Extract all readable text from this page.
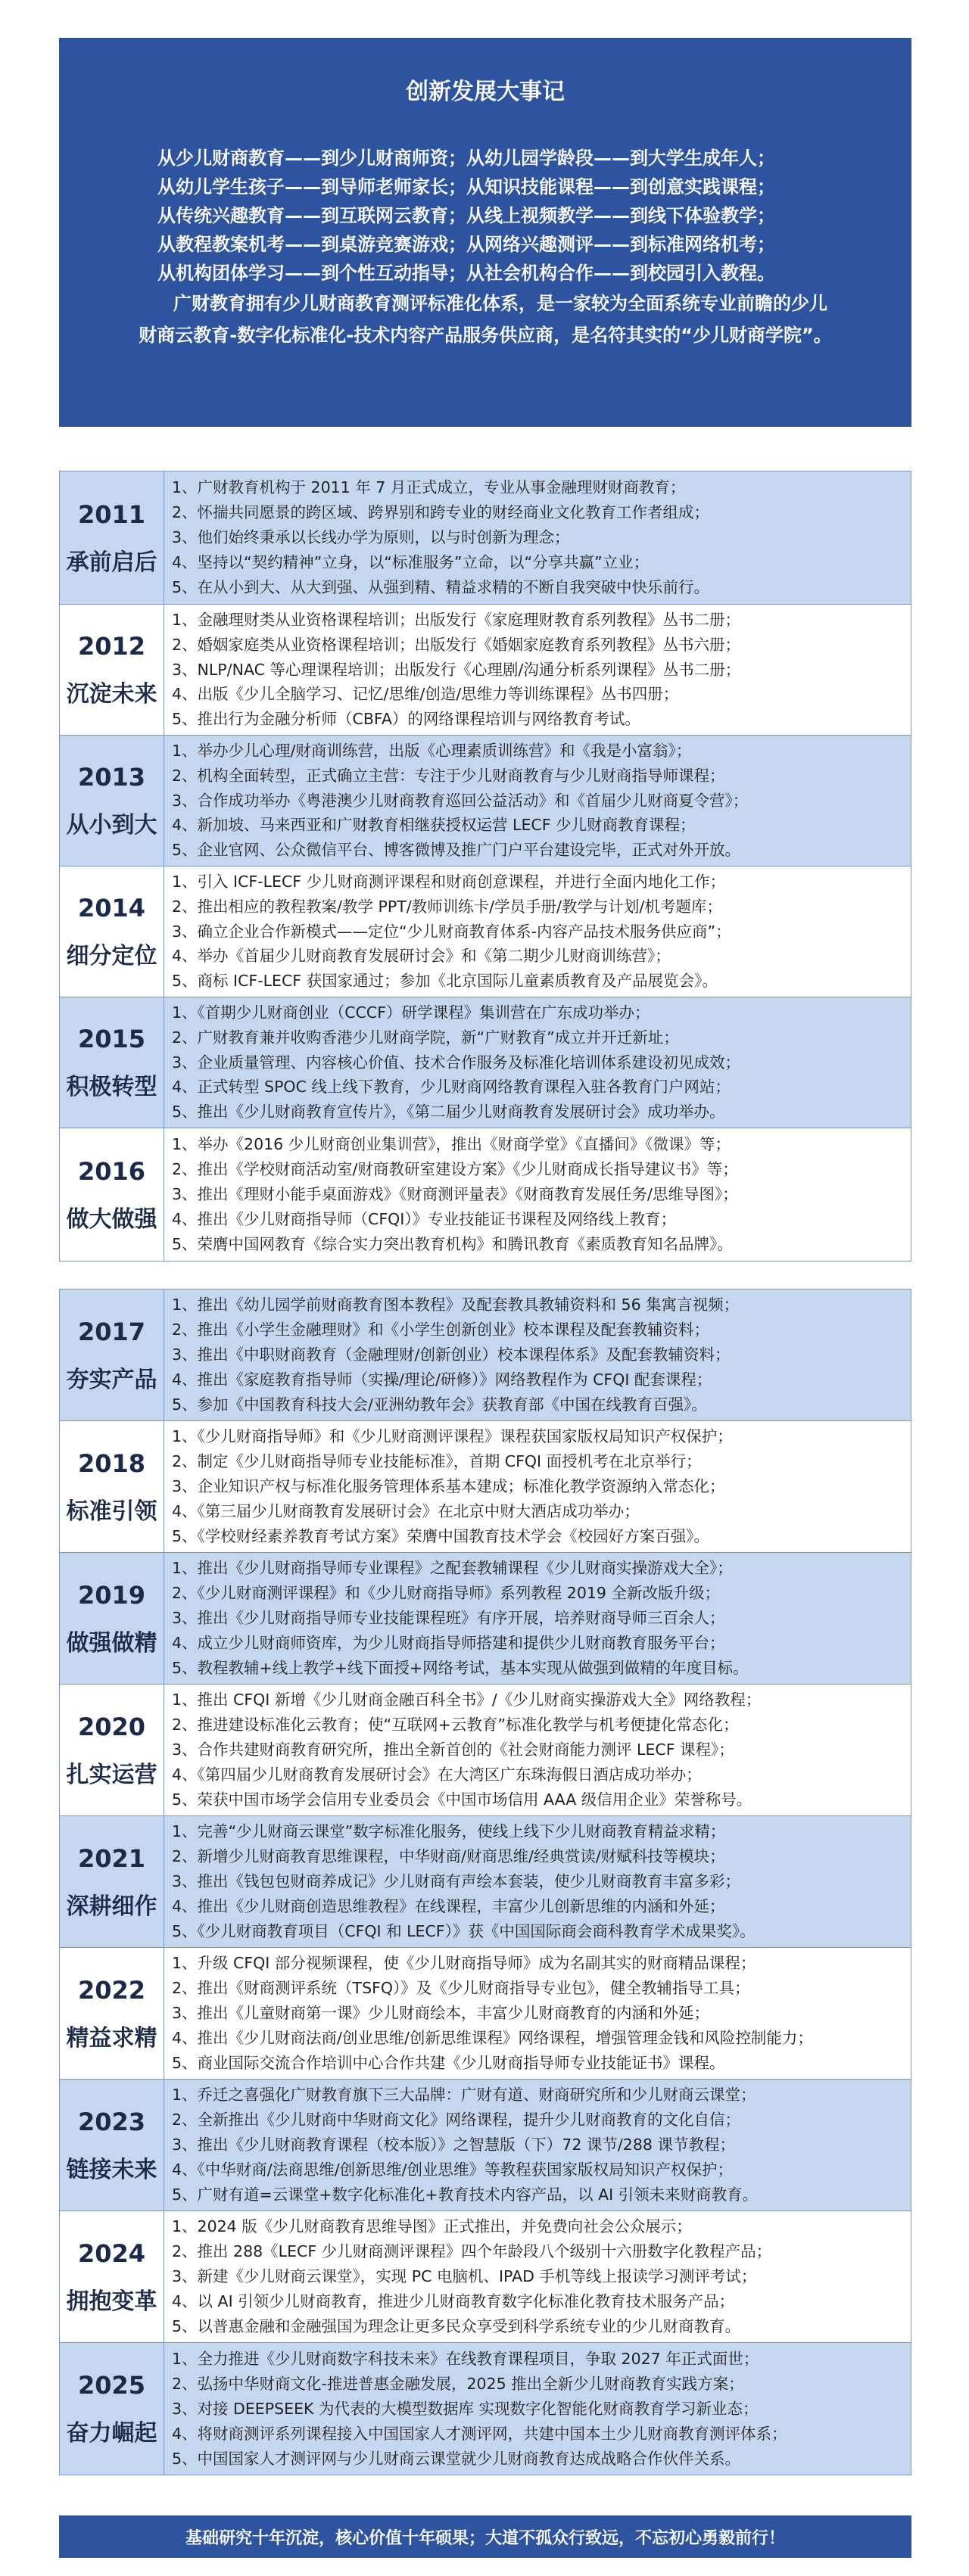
创新发展大事记
从少儿财商教育——到少儿财商师资；从幼儿园学龄段——到大学生成年人；
从幼儿学生孩子——到导师老师家长；从知识技能课程——到创意实践课程；
从传统兴趣教育——到互联网云教育；从线上视频教学——到线下体验教学；
从教程教案机考——到桌游竞赛游戏；从网络兴趣测评——到标准网络机考；
从机构团体学习——到个性互动指导；从社会机构合作——到校园引入教程。
广财教育拥有少儿财商教育测评标准化体系，是一家较为全面系统专业前瞻的少儿
财商云教育-数字化标准化-技术内容产品服务供应商，是名符其实的“少儿财商学院”。
2011
承前启后
1、广财教育机构于 2011 年 7 月正式成立，专业从事金融理财财商教育；
2、怀揣共同愿景的跨区域、跨界别和跨专业的财经商业文化教育工作者组成；
3、他们始终秉承以长线办学为原则，以与时创新为理念；
4、坚持以“契约精神”立身，以“标准服务”立命，以“分享共赢”立业；
5、在从小到大、从大到强、从强到精、精益求精的不断自我突破中快乐前行。
2012
沉淀未来
1、金融理财类从业资格课程培训；出版发行《家庭理财教育系列教程》丛书二册；
2、婚姻家庭类从业资格课程培训；出版发行《婚姻家庭教育系列教程》丛书六册；
3、NLP/NAC 等心理课程培训；出版发行《心理剧/沟通分析系列课程》丛书二册；
4、出版《少儿全脑学习、记忆/思维/创造/思维力等训练课程》丛书四册；
5、推出行为金融分析师（CBFA）的网络课程培训与网络教育考试。
2013
从小到大
1、举办少儿心理/财商训练营，出版《心理素质训练营》和《我是小富翁》；
2、机构全面转型，正式确立主营：专注于少儿财商教育与少儿财商指导师课程；
3、合作成功举办《粤港澳少儿财商教育巡回公益活动》和《首届少儿财商夏令营》；
4、新加坡、马来西亚和广财教育相继获授权运营 LECF 少儿财商教育课程；
5、企业官网、公众微信平台、博客微博及推广门户平台建设完毕，正式对外开放。
2014
细分定位
1、引入 ICF-LECF 少儿财商测评课程和财商创意课程，并进行全面内地化工作；
2、推出相应的教程教案/教学 PPT/教师训练卡/学员手册/教学与计划/机考题库；
3、确立企业合作新模式——定位“少儿财商教育体系-内容产品技术服务供应商”；
4、举办《首届少儿财商教育发展研讨会》和《第二期少儿财商训练营》；
5、商标 ICF-LECF 获国家通过；参加《北京国际儿童素质教育及产品展览会》。
2015
积极转型
1、《首期少儿财商创业（CCCF）研学课程》集训营在广东成功举办；
2、广财教育兼并收购香港少儿财商学院，新“广财教育”成立并开迁新址；
3、企业质量管理、内容核心价值、技术合作服务及标准化培训体系建设初见成效；
4、正式转型 SPOC 线上线下教育，少儿财商网络教育课程入驻各教育门户网站；
5、推出《少儿财商教育宣传片》，《第二届少儿财商教育发展研讨会》成功举办。
2016
做大做强
1、举办《2016 少儿财商创业集训营》，推出《财商学堂》《直播间》《微课》等；
2、推出《学校财商活动室/财商教研室建设方案》《少儿财商成长指导建议书》等；
3、推出《理财小能手桌面游戏》《财商测评量表》《财商教育发展任务/思维导图》；
4、推出《少儿财商指导师（CFQI）》专业技能证书课程及网络线上教育；
5、荣膺中国网教育《综合实力突出教育机构》和腾讯教育《素质教育知名品牌》。
2017
夯实产品
1、推出《幼儿园学前财商教育图本教程》及配套教具教辅资料和 56 集寓言视频；
2、推出《小学生金融理财》和《小学生创新创业》校本课程及配套教辅资料；
3、推出《中职财商教育（金融理财/创新创业）校本课程体系》及配套教辅资料；
4、推出《家庭教育指导师（实操/理论/研修）》网络教程作为 CFQI 配套课程；
5、参加《中国教育科技大会/亚洲幼教年会》获教育部《中国在线教育百强》。
2018
标准引领
1、《少儿财商指导师》和《少儿财商测评课程》课程获国家版权局知识产权保护；
2、制定《少儿财商指导师专业技能标准》，首期 CFQI 面授机考在北京举行；
3、企业知识产权与标准化服务管理体系基本建成；标准化教学资源纳入常态化；
4、《第三届少儿财商教育发展研讨会》在北京中财大酒店成功举办；
5、《学校财经素养教育考试方案》荣膺中国教育技术学会《校园好方案百强》。
2019
做强做精
1、推出《少儿财商指导师专业课程》之配套教辅课程《少儿财商实操游戏大全》；
2、《少儿财商测评课程》和《少儿财商指导师》系列教程 2019 全新改版升级；
3、推出《少儿财商指导师专业技能课程班》有序开展，培养财商导师三百余人；
4、成立少儿财商师资库，为少儿财商指导师搭建和提供少儿财商教育服务平台；
5、教程教辅+线上教学+线下面授+网络考试，基本实现从做强到做精的年度目标。
2020
扎实运营
1、推出 CFQI 新增《少儿财商金融百科全书》/《少儿财商实操游戏大全》网络教程；
2、推进建设标准化云教育；使“互联网+云教育”标准化教学与机考便捷化常态化；
3、合作共建财商教育研究所，推出全新首创的《社会财商能力测评 LECF 课程》；
4、《第四届少儿财商教育发展研讨会》在大湾区广东珠海假日酒店成功举办；
5、荣获中国市场学会信用专业委员会《中国市场信用 AAA 级信用企业》荣誉称号。
2021
深耕细作
1、完善“少儿财商云课堂”数字标准化服务，使线上线下少儿财商教育精益求精；
2、新增少儿财商教育思维课程，中华财商/财商思维/经典赏读/财赋科技等模块；
3、推出《钱包包财商养成记》少儿财商有声绘本套装，使少儿财商教育丰富多彩；
4、推出《少儿财商创造思维教程》在线课程，丰富少儿创新思维的内涵和外延；
5、《少儿财商教育项目（CFQI 和 LECF）》获《中国国际商会商科教育学术成果奖》。
2022
精益求精
1、升级 CFQI 部分视频课程，使《少儿财商指导师》成为名副其实的财商精品课程；
2、推出《财商测评系统（TSFQ）》及《少儿财商指导专业包》，健全教辅指导工具；
3、推出《儿童财商第一课》少儿财商绘本，丰富少儿财商教育的内涵和外延；
4、推出《少儿财商法商/创业思维/创新思维课程》网络课程，增强管理金钱和风险控制能力；
5、商业国际交流合作培训中心合作共建《少儿财商指导师专业技能证书》课程。
2023
链接未来
1、乔迁之喜强化广财教育旗下三大品牌：广财有道、财商研究所和少儿财商云课堂；
2、全新推出《少儿财商中华财商文化》网络课程，提升少儿财商教育的文化自信；
3、推出《少儿财商教育课程（校本版）》之智慧版（下）72 课节/288 课节教程；
4、《中华财商/法商思维/创新思维/创业思维》等教程获国家版权局知识产权保护；
5、广财有道=云课堂+数字化标准化+教育技术内容产品，以 AI 引领未来财商教育。
2024
拥抱变革
1、2024 版《少儿财商教育思维导图》正式推出，并免费向社会公众展示；
2、推出 288《LECF 少儿财商测评课程》四个年龄段八个级别十六册数字化教程产品；
3、新建《少儿财商云课堂》，实现 PC 电脑机、IPAD 手机等线上报读学习测评考试；
4、以 AI 引领少儿财商教育，推进少儿财商教育数字化标准化教育技术服务产品；
5、以普惠金融和金融强国为理念让更多民众享受到科学系统专业的少儿财商教育。
2025
奋力崛起
1、全力推进《少儿财商数字科技未来》在线教育课程项目，争取 2027 年正式面世；
2、弘扬中华财商文化-推进普惠金融发展，2025 推出全新少儿财商教育实践方案；
3、对接 DEEPSEEK 为代表的大模型数据库 实现数字化智能化财商教育学习新业态；
4、将财商测评系列课程接入中国国家人才测评网，共建中国本土少儿财商教育测评体系；
5、中国国家人才测评网与少儿财商云课堂就少儿财商教育达成战略合作伙伴关系。
基础研究十年沉淀，核心价值十年硕果；大道不孤众行致远，不忘初心勇毅前行！
